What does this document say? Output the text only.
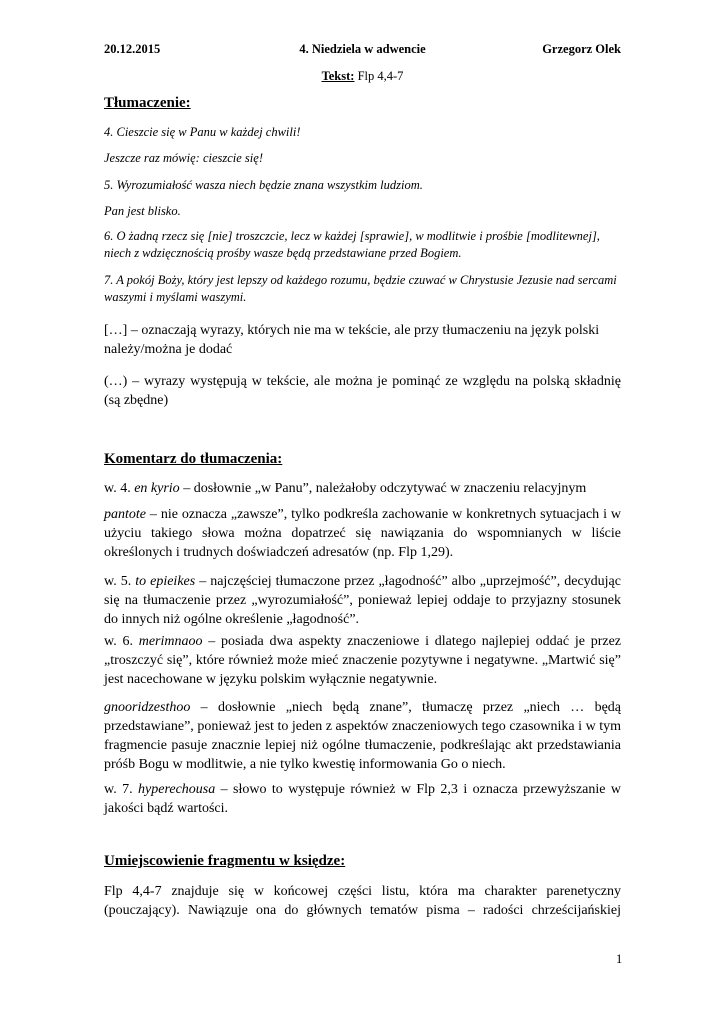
20.12.2015	4. Niedziela w adwencie	Grzegorz Olek
Tekst: Flp 4,4-7
Tłumaczenie:
4. Cieszcie się w Panu w każdej chwili!
Jeszcze raz mówię: cieszcie się!
5. Wyrozumiałość wasza niech będzie znana wszystkim ludziom.
Pan jest blisko.
6. O żadną rzecz się [nie] troszczcie, lecz w każdej [sprawie], w modlitwie i prośbie [modlitewnej], niech z wdzięcznością prośby wasze będą przedstawiane przed Bogiem.
7. A pokój Boży, który jest lepszy od każdego rozumu, będzie czuwać w Chrystusie Jezusie nad sercami waszymi i myślami waszymi.

[…] – oznaczają wyrazy, których nie ma w tekście, ale przy tłumaczeniu na język polski należy/można je dodać

(…) – wyrazy występują w tekście, ale można je pominąć ze względu na polską składnię (są zbędne)

Komentarz do tłumaczenia:

w. 4. en kyrio – dosłownie „w Panu”, należałoby odczytywać w znaczeniu relacyjnym

pantote – nie oznacza „zawsze”, tylko podkreśla zachowanie w konkretnych sytuacjach i w użyciu takiego słowa można dopatrzeć się nawiązania do wspomnianych w liście określonych i trudnych doświadczeń adresatów (np. Flp 1,29).

w. 5. to epieikes – najczęściej tłumaczone przez „łagodność” albo „uprzejmość”, decydując się na tłumaczenie przez „wyrozumiałość”, ponieważ lepiej oddaje to przyjazny stosunek do innych niż ogólne określenie „łagodność”.

w. 6. merimnaoo – posiada dwa aspekty znaczeniowe i dlatego najlepiej oddać je przez „troszczyć się”, które również może mieć znaczenie pozytywne i negatywne. „Martwić się” jest nacechowane w języku polskim wyłącznie negatywnie.

gnooridzesthoo – dosłownie „niech będą znane”, tłumaczę przez „niech … będą przedstawiane”, ponieważ jest to jeden z aspektów znaczeniowych tego czasownika i w tym fragmencie pasuje znacznie lepiej niż ogólne tłumaczenie, podkreślając akt przedstawiania próśb Bogu w modlitwie, a nie tylko kwestię informowania Go o niech.

w. 7. hyperechousa – słowo to występuje również w Flp 2,3 i oznacza przewyższanie w jakości bądź wartości.

Umiejscowienie fragmentu w księdze:

Flp 4,4-7 znajduje się w końcowej części listu, która ma charakter parenetyczny (pouczający). Nawiązuje ona do głównych tematów pisma – radości chrześcijańskiej

1
